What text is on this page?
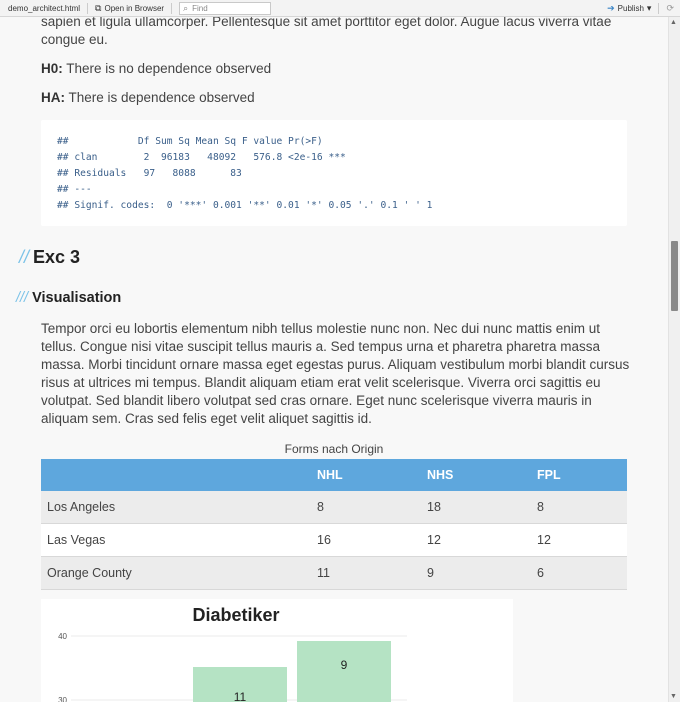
demo_architect.html	⧉ Open in Browser ⌕ Find	➔ Publish ▾ ⟳

sapien et ligula ullamcorper. Pellentesque sit amet porttitor eget dolor. Augue lacus viverra vitae congue eu.

H0: There is no dependence observed
HA: There is dependence observed
##            Df Sum Sq Mean Sq F value Pr(>F)
## clan        2  96183   48092   576.8 <2e-16 ***
## Residuals   97   8088      83
## ---
## Signif. codes:  0 '***' 0.001 '**' 0.01 '*' 0.05 '.' 0.1 ' ' 1
// Exc 3
/// Visualisation

Tempor orci eu lobortis elementum nibh tellus molestie nunc non. Nec dui nunc mattis enim ut tellus. Congue nisi vitae suscipit tellus mauris a. Sed tempus urna et pharetra pharetra massa massa. Morbi tincidunt ornare massa eget egestas purus. Aliquam vestibulum morbi blandit cursus risus at ultrices mi tempus. Blandit aliquam etiam erat velit scelerisque. Viverra orci sagittis eu volutpat. Sed blandit libero volutpat sed cras ornare. Eget nunc scelerisque viverra mauris in aliquam sem. Cras sed felis eget velit aliquet sagittis id.

Forms nach Origin
	NHL	NHS	FPL
Los Angeles	8	18	8
Las Vegas	16	12	12
Orange County	11	9	6
Diabetiker
40
30	11
9
▲
▼
